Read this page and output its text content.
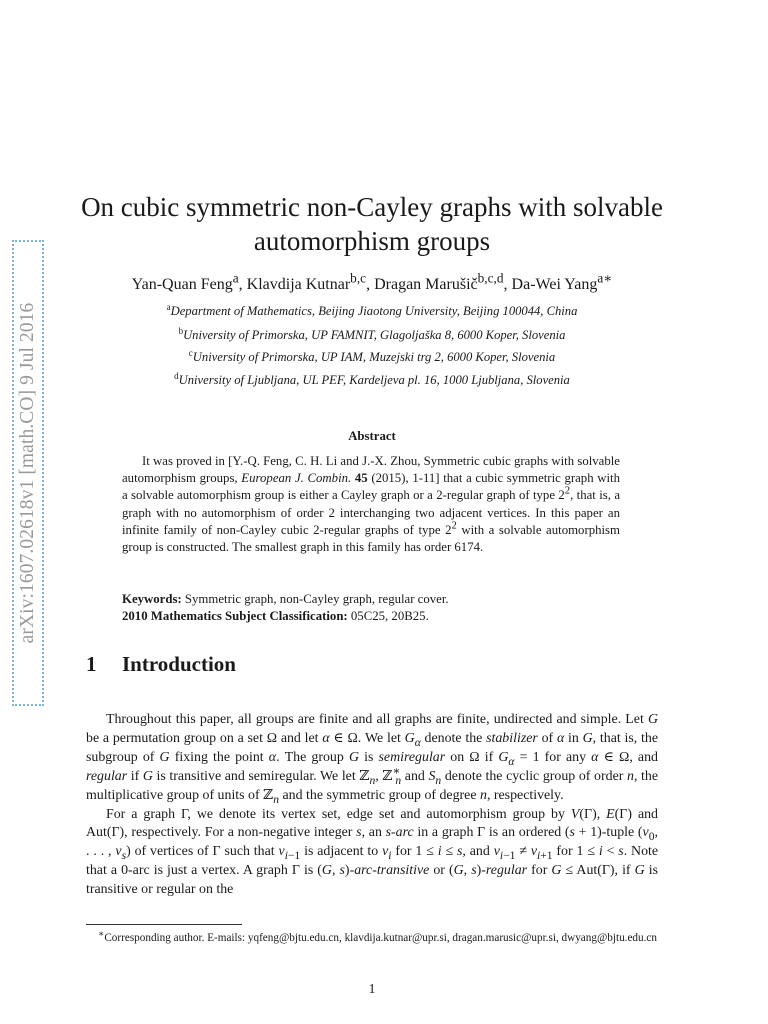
arXiv:1607.02618v1 [math.CO] 9 Jul 2016
On cubic symmetric non-Cayley graphs with solvable
automorphism groups
Yan-Quan Feng$^a$, Klavdija Kutnar$^{b,c}$, Dragan Marušič$^{b,c,d}$, Da-Wei Yang$^{a∗}$
$^a$Department of Mathematics, Beijing Jiaotong University, Beijing 100044, China
$^b$University of Primorska, UP FAMNIT, Glagoljaška 8, 6000 Koper, Slovenia
$^c$University of Primorska, UP IAM, Muzejski trg 2, 6000 Koper, Slovenia
$^d$University of Ljubljana, UL PEF, Kardeljeva pl. 16, 1000 Ljubljana, Slovenia
Abstract
It was proved in [Y.-Q. Feng, C. H. Li and J.-X. Zhou, Symmetric cubic graphs with solvable automorphism groups, European J. Combin. 45 (2015), 1-11] that a cubic symmetric graph with a solvable automorphism group is either a Cayley graph or a 2-regular graph of type $2^2$, that is, a graph with no automorphism of order 2 interchanging two adjacent vertices. In this paper an infinite family of non-Cayley cubic 2-regular graphs of type $2^2$ with a solvable automorphism group is constructed. The smallest graph in this family has order 6174.
Keywords: Symmetric graph, non-Cayley graph, regular cover.
2010 Mathematics Subject Classification: 05C25, 20B25.
1 Introduction

Throughout this paper, all groups are finite and all graphs are finite, undirected and simple. Let G be a permutation group on a set Ω and let α ∈ Ω. We let $G_\alpha$ denote the stabilizer of α in G, that is, the subgroup of G fixing the point α. The group G is semiregular on Ω if $G_\alpha = 1$ for any α ∈ Ω, and regular if G is transitive and semiregular. We let ℤ$_n$, ℤ∗$_n$ and $S_n$ denote the cyclic group of order n, the multiplicative group of units of ℤ$_n$ and the symmetric group of degree n, respectively.

For a graph Γ, we denote its vertex set, edge set and automorphism group by V(Γ), E(Γ) and Aut(Γ), respectively. For a non-negative integer s, an s-arc in a graph Γ is an ordered (s + 1)-tuple ($v_0$, . . . , $v_s$) of vertices of Γ such that $v_{i-1}$ is adjacent to $v_i$ for 1 ≤ i ≤ s, and $v_{i-1} \ne v_{i+1}$ for 1 ≤ i < s. Note that a 0-arc is just a vertex. A graph Γ is (G, s)-arc-transitive or (G, s)-regular for G ≤ Aut(Γ), if G is transitive or regular on the

∗Corresponding author. E-mails: yqfeng@bjtu.edu.cn, klavdija.kutnar@upr.si, dragan.marusic@upr.si, dwyang@bjtu.edu.cn
1
